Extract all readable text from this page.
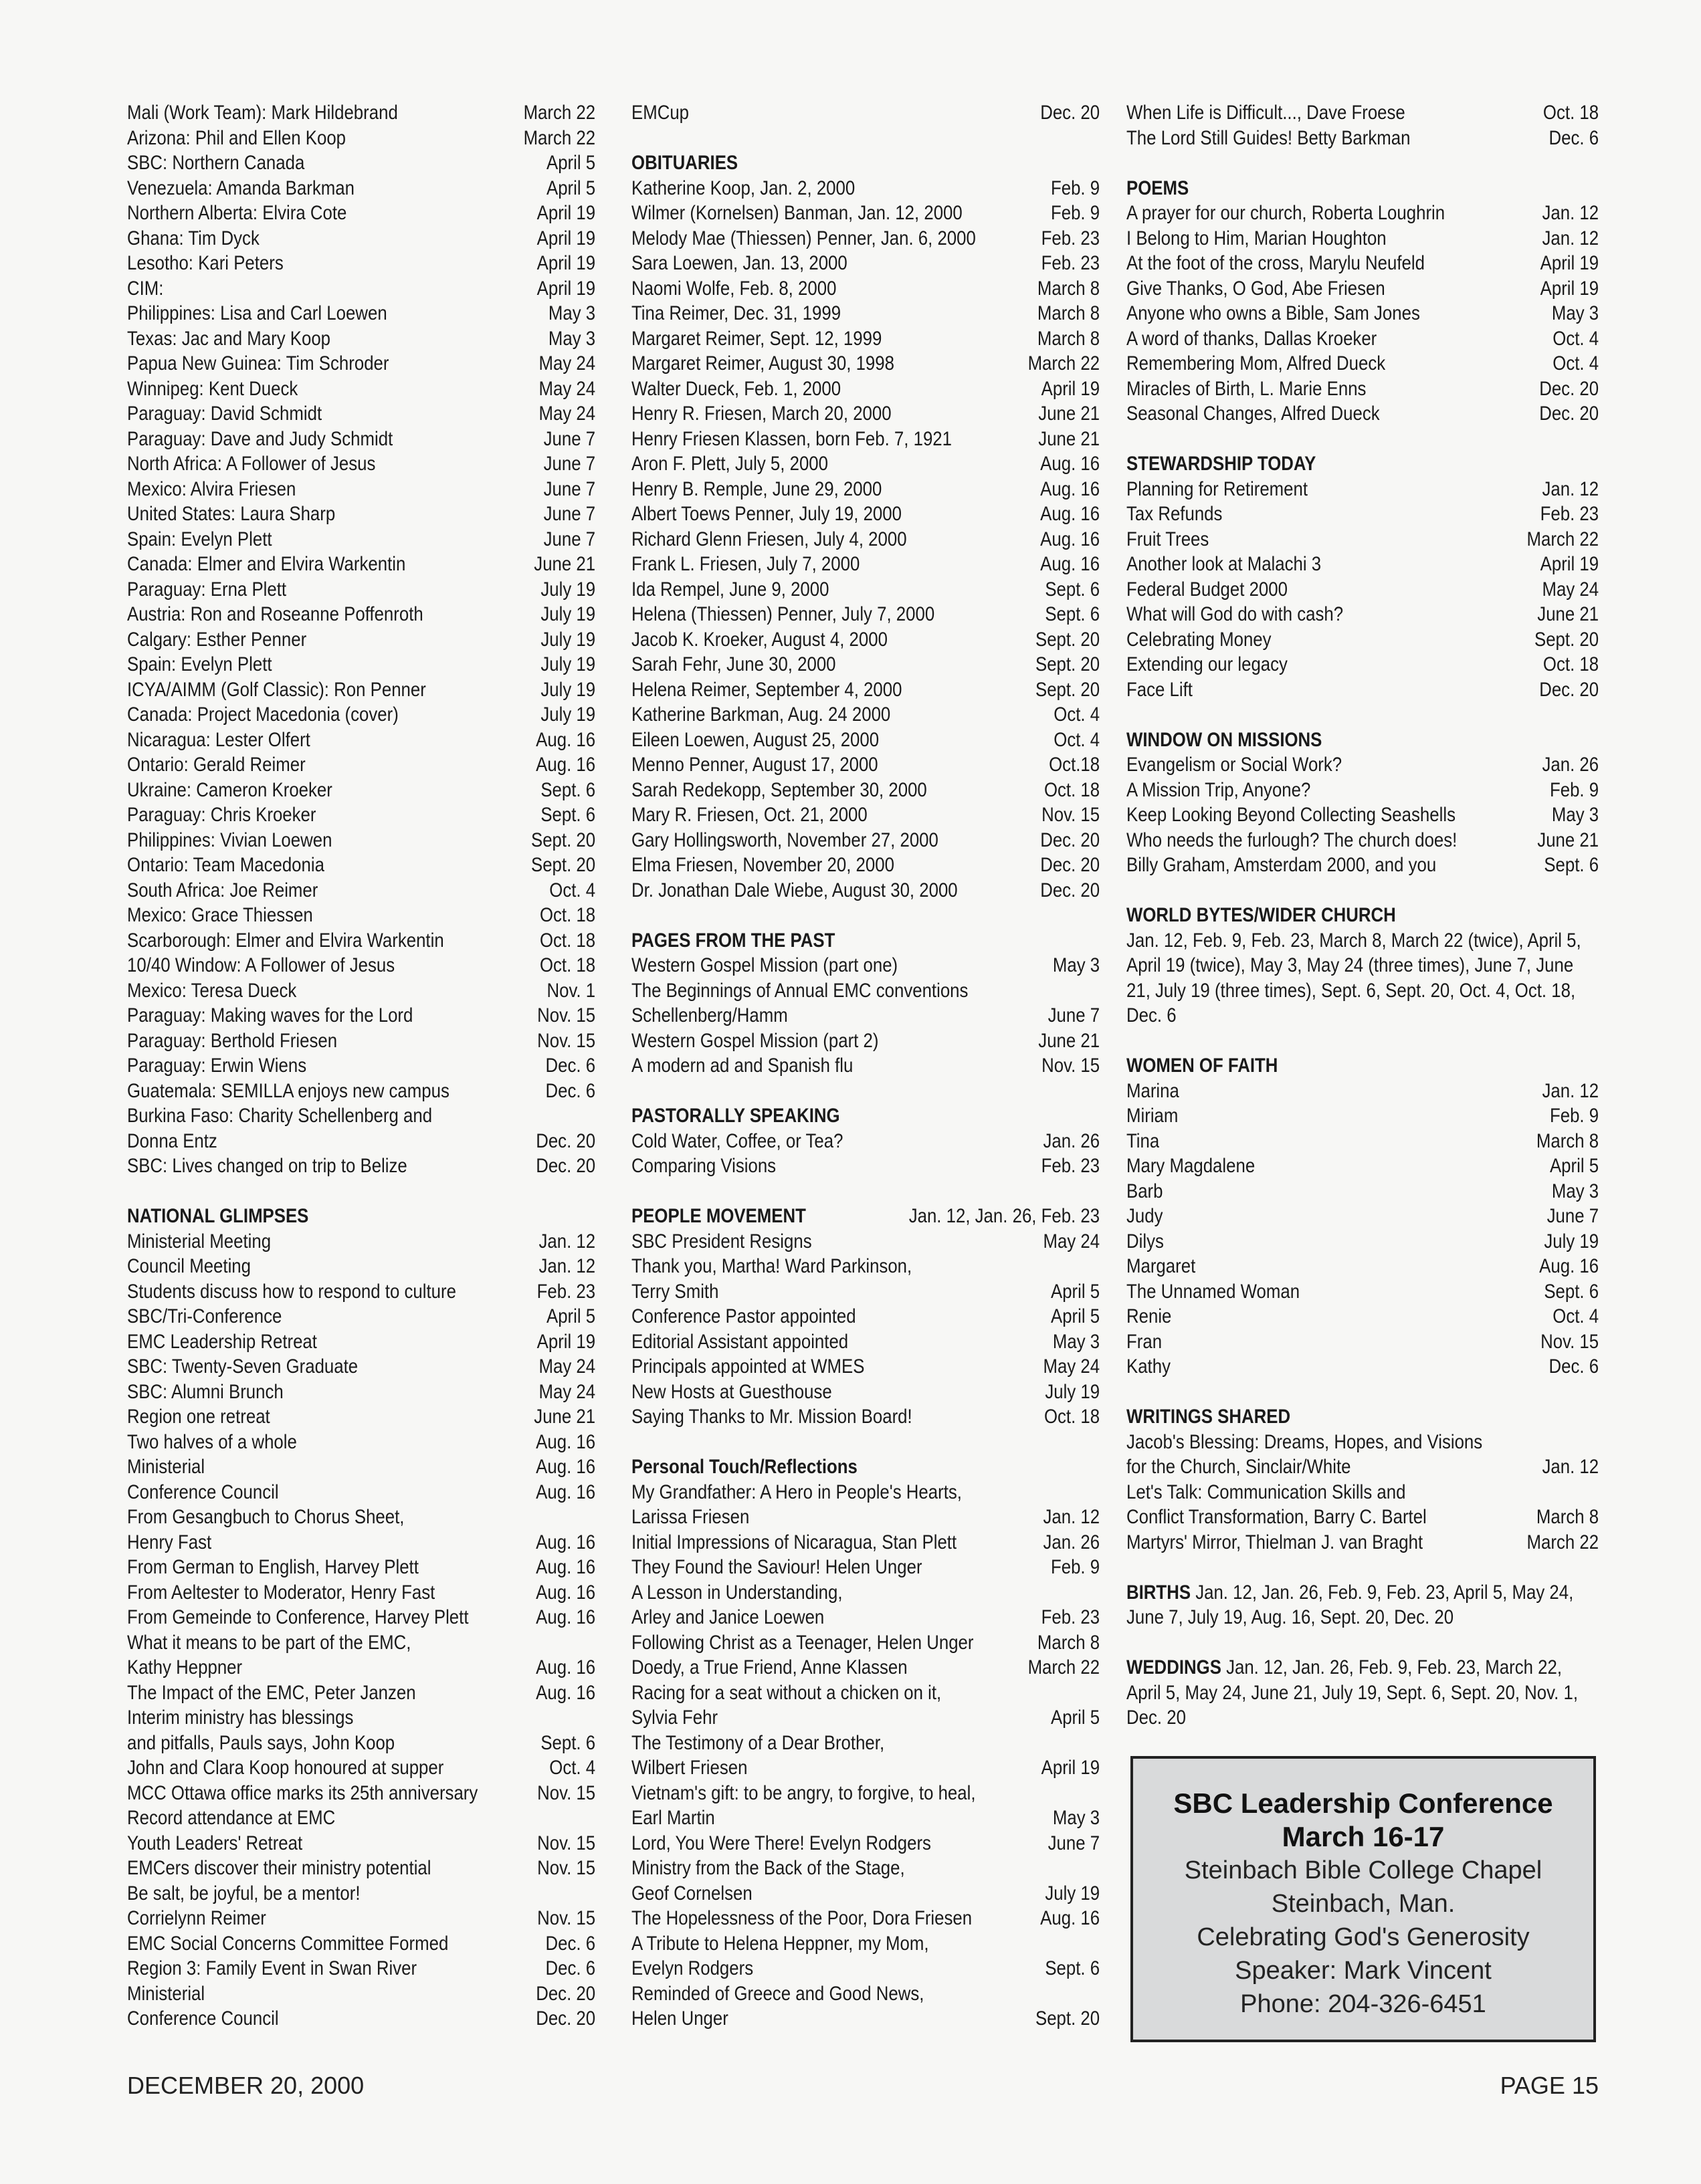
Mali (Work Team): Mark Hildebrand	March 22
Arizona: Phil and Ellen Koop	March 22
SBC: Northern Canada	April 5
Venezuela: Amanda Barkman	April 5
Northern Alberta: Elvira Cote	April 19
Ghana: Tim Dyck	April 19
Lesotho: Kari Peters	April 19
CIM:	April 19
Philippines: Lisa and Carl Loewen	May 3
Texas: Jac and Mary Koop	May 3
Papua New Guinea: Tim Schroder	May 24
Winnipeg: Kent Dueck	May 24
Paraguay: David Schmidt	May 24
Paraguay: Dave and Judy Schmidt	June 7
North Africa: A Follower of Jesus	June 7
Mexico: Alvira Friesen	June 7
United States: Laura Sharp	June 7
Spain: Evelyn Plett	June 7
Canada: Elmer and Elvira Warkentin	June 21
Paraguay: Erna Plett	July 19
Austria: Ron and Roseanne Poffenroth	July 19
Calgary: Esther Penner	July 19
Spain: Evelyn Plett	July 19
ICYA/AIMM (Golf Classic): Ron Penner	July 19
Canada: Project Macedonia (cover)	July 19
Nicaragua: Lester Olfert	Aug. 16
Ontario: Gerald Reimer	Aug. 16
Ukraine: Cameron Kroeker	Sept. 6
Paraguay: Chris Kroeker	Sept. 6
Philippines: Vivian Loewen	Sept. 20
Ontario: Team Macedonia	Sept. 20
South Africa: Joe Reimer	Oct. 4
Mexico: Grace Thiessen	Oct. 18
Scarborough: Elmer and Elvira Warkentin	Oct. 18
10/40 Window: A Follower of Jesus	Oct. 18
Mexico: Teresa Dueck	Nov. 1
Paraguay: Making waves for the Lord	Nov. 15
Paraguay: Berthold Friesen	Nov. 15
Paraguay: Erwin Wiens	Dec. 6
Guatemala: SEMILLA enjoys new campus	Dec. 6
Burkina Faso: Charity Schellenberg and
Donna Entz	Dec. 20
SBC: Lives changed on trip to Belize	Dec. 20
NATIONAL GLIMPSES
Ministerial Meeting	Jan. 12
Council Meeting	Jan. 12
Students discuss how to respond to culture	Feb. 23
SBC/Tri-Conference	April 5
EMC Leadership Retreat	April 19
SBC: Twenty-Seven Graduate	May 24
SBC: Alumni Brunch	May 24
Region one retreat	June 21
Two halves of a whole	Aug. 16
Ministerial	Aug. 16
Conference Council	Aug. 16
From Gesangbuch to Chorus Sheet,
Henry Fast	Aug. 16
From German to English, Harvey Plett	Aug. 16
From Aeltester to Moderator, Henry Fast	Aug. 16
From Gemeinde to Conference, Harvey Plett	Aug. 16
What it means to be part of the EMC,
Kathy Heppner	Aug. 16
The Impact of the EMC, Peter Janzen	Aug. 16
Interim ministry has blessings
and pitfalls, Pauls says, John Koop	Sept. 6
John and Clara Koop honoured at supper	Oct. 4
MCC Ottawa office marks its 25th anniversary	Nov. 15
Record attendance at EMC
Youth Leaders' Retreat	Nov. 15
EMCers discover their ministry potential	Nov. 15
Be salt, be joyful, be a mentor!
Corrielynn Reimer	Nov. 15
EMC Social Concerns Committee Formed	Dec. 6
Region 3: Family Event in Swan River	Dec. 6
Ministerial	Dec. 20
Conference Council	Dec. 20
EMCup	Dec. 20
OBITUARIES
Katherine Koop, Jan. 2, 2000	Feb. 9
Wilmer (Kornelsen) Banman, Jan. 12, 2000	Feb. 9
Melody Mae (Thiessen) Penner, Jan. 6, 2000	Feb. 23
Sara Loewen, Jan. 13, 2000	Feb. 23
Naomi Wolfe, Feb. 8, 2000	March 8
Tina Reimer, Dec. 31, 1999	March 8
Margaret Reimer, Sept. 12, 1999	March 8
Margaret Reimer, August 30, 1998	March 22
Walter Dueck, Feb. 1, 2000	April 19
Henry R. Friesen, March 20, 2000	June 21
Henry Friesen Klassen, born Feb. 7, 1921	June 21
Aron F. Plett, July 5, 2000	Aug. 16
Henry B. Remple, June 29, 2000	Aug. 16
Albert Toews Penner, July 19, 2000	Aug. 16
Richard Glenn Friesen, July 4, 2000	Aug. 16
Frank L. Friesen, July 7, 2000	Aug. 16
Ida Rempel, June 9, 2000	Sept. 6
Helena (Thiessen) Penner, July 7, 2000	Sept. 6
Jacob K. Kroeker, August 4, 2000	Sept. 20
Sarah Fehr, June 30, 2000	Sept. 20
Helena Reimer, September 4, 2000	Sept. 20
Katherine Barkman, Aug. 24 2000	Oct. 4
Eileen Loewen, August 25, 2000	Oct. 4
Menno Penner, August 17, 2000	Oct.18
Sarah Redekopp, September 30, 2000	Oct. 18
Mary R. Friesen, Oct. 21, 2000	Nov. 15
Gary Hollingsworth, November 27, 2000	Dec. 20
Elma Friesen, November 20, 2000	Dec. 20
Dr. Jonathan Dale Wiebe, August 30, 2000	Dec. 20
PAGES FROM THE PAST
Western Gospel Mission (part one)	May 3
The Beginnings of Annual EMC conventions
Schellenberg/Hamm	June 7
Western Gospel Mission (part 2)	June 21
A modern ad and Spanish flu	Nov. 15
PASTORALLY SPEAKING
Cold Water, Coffee, or Tea?	Jan. 26
Comparing Visions	Feb. 23
PEOPLE MOVEMENT	Jan. 12, Jan. 26, Feb. 23
SBC President Resigns	May 24
Thank you, Martha! Ward Parkinson,
Terry Smith	April 5
Conference Pastor appointed	April 5
Editorial Assistant appointed	May 3
Principals appointed at WMES	May 24
New Hosts at Guesthouse	July 19
Saying Thanks to Mr. Mission Board!	Oct. 18
Personal Touch/Reflections
My Grandfather: A Hero in People's Hearts,
Larissa Friesen	Jan. 12
Initial Impressions of Nicaragua, Stan Plett	Jan. 26
They Found the Saviour! Helen Unger	Feb. 9
A Lesson in Understanding,
Arley and Janice Loewen	Feb. 23
Following Christ as a Teenager, Helen Unger	March 8
Doedy, a True Friend, Anne Klassen	March 22
Racing for a seat without a chicken on it,
Sylvia Fehr	April 5
The Testimony of a Dear Brother,
Wilbert Friesen	April 19
Vietnam's gift: to be angry, to forgive, to heal,
Earl Martin	May 3
Lord, You Were There! Evelyn Rodgers	June 7
Ministry from the Back of the Stage,
Geof Cornelsen	July 19
The Hopelessness of the Poor, Dora Friesen	Aug. 16
A Tribute to Helena Heppner, my Mom,
Evelyn Rodgers	Sept. 6
Reminded of Greece and Good News,
Helen Unger	Sept. 20
When Life is Difficult..., Dave Froese	Oct. 18
The Lord Still Guides! Betty Barkman	Dec. 6
POEMS
A prayer for our church, Roberta Loughrin	Jan. 12
I Belong to Him, Marian Houghton	Jan. 12
At the foot of the cross, Marylu Neufeld	April 19
Give Thanks, O God, Abe Friesen	April 19
Anyone who owns a Bible, Sam Jones	May 3
A word of thanks, Dallas Kroeker	Oct. 4
Remembering Mom, Alfred Dueck	Oct. 4
Miracles of Birth, L. Marie Enns	Dec. 20
Seasonal Changes, Alfred Dueck	Dec. 20
STEWARDSHIP TODAY
Planning for Retirement	Jan. 12
Tax Refunds	Feb. 23
Fruit Trees	March 22
Another look at Malachi 3	April 19
Federal Budget 2000	May 24
What will God do with cash?	June 21
Celebrating Money	Sept. 20
Extending our legacy	Oct. 18
Face Lift	Dec. 20
WINDOW ON MISSIONS
Evangelism or Social Work?	Jan. 26
A Mission Trip, Anyone?	Feb. 9
Keep Looking Beyond Collecting Seashells	May 3
Who needs the furlough? The church does!	June 21
Billy Graham, Amsterdam 2000, and you	Sept. 6
WORLD BYTES/WIDER CHURCH
Jan. 12, Feb. 9, Feb. 23, March 8, March 22 (twice), April 5, April 19 (twice), May 3, May 24 (three times), June 7, June 21, July 19 (three times), Sept. 6, Sept. 20, Oct. 4, Oct. 18, Dec. 6
WOMEN OF FAITH
Marina	Jan. 12
Miriam	Feb. 9
Tina	March 8
Mary Magdalene	April 5
Barb	May 3
Judy	June 7
Dilys	July 19
Margaret	Aug. 16
The Unnamed Woman	Sept. 6
Renie	Oct. 4
Fran	Nov. 15
Kathy	Dec. 6
WRITINGS SHARED
Jacob's Blessing: Dreams, Hopes, and Visions
for the Church, Sinclair/White	Jan. 12
Let's Talk: Communication Skills and
Conflict Transformation, Barry C. Bartel	March 8
Martyrs' Mirror, Thielman J. van Braght	March 22
BIRTHS Jan. 12, Jan. 26, Feb. 9, Feb. 23, April 5, May 24, June 7, July 19, Aug. 16, Sept. 20, Dec. 20
WEDDINGS Jan. 12, Jan. 26, Feb. 9, Feb. 23, March 22, April 5, May 24, June 21, July 19, Sept. 6, Sept. 20, Nov. 1, Dec. 20
SBC Leadership Conference
March 16-17
Steinbach Bible College Chapel
Steinbach, Man.
Celebrating God's Generosity
Speaker: Mark Vincent
Phone: 204-326-6451
DECEMBER 20, 2000	PAGE 15
